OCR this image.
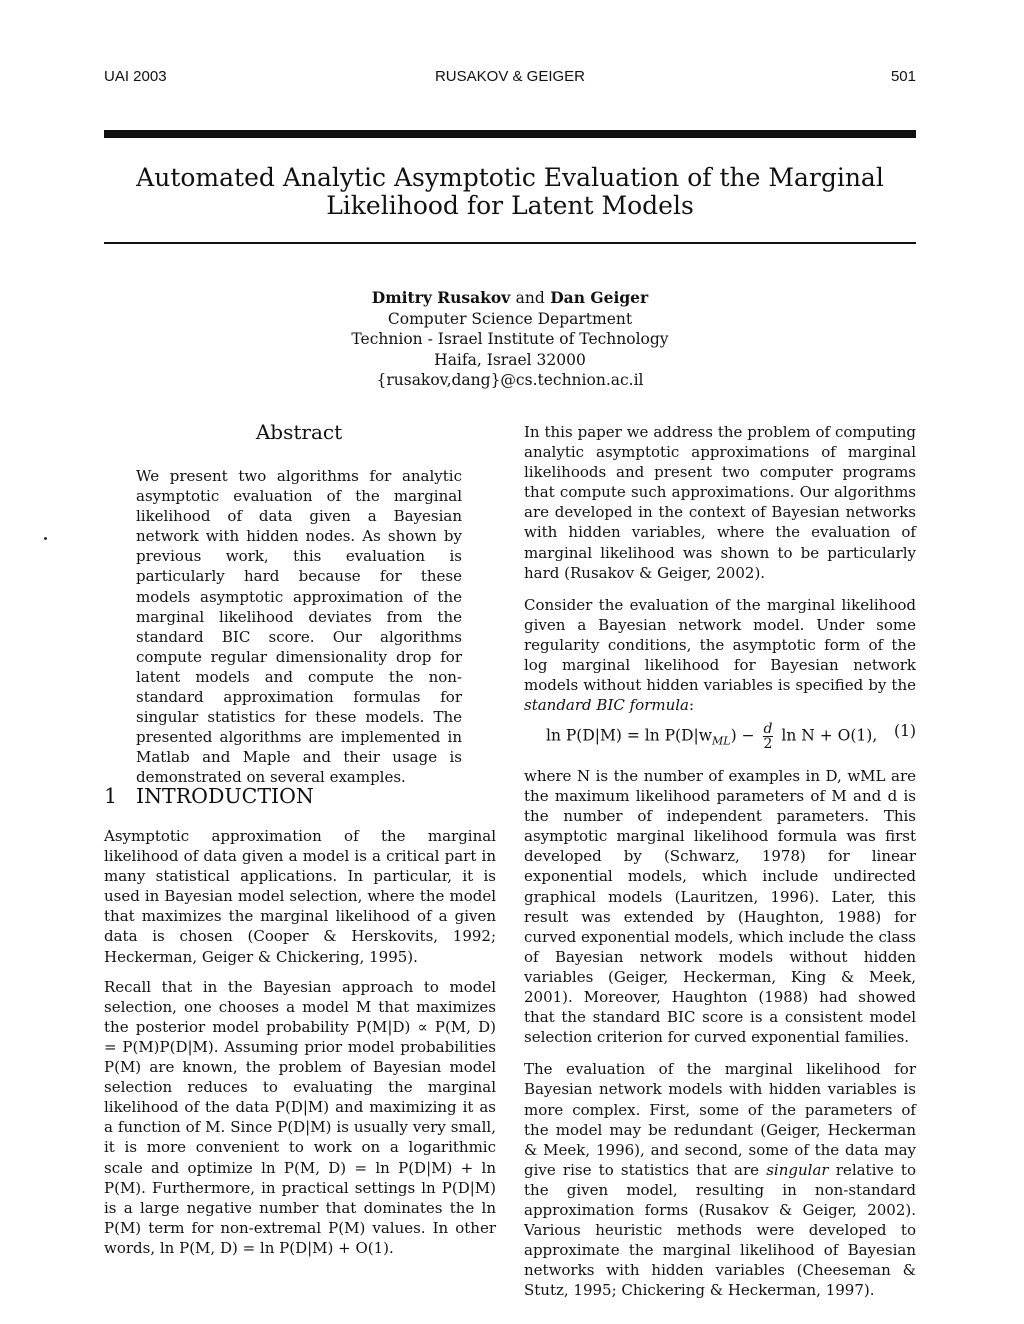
UAI 2003	RUSAKOV & GEIGER	501
Automated Analytic Asymptotic Evaluation of the Marginal
Likelihood for Latent Models
Dmitry Rusakov and Dan Geiger
Computer Science Department
Technion - Israel Institute of Technology
Haifa, Israel 32000
{rusakov,dang}@cs.technion.ac.il
Abstract
We present two algorithms for analytic asymptotic evaluation of the marginal likelihood of data given a Bayesian network with hidden nodes. As shown by previous work, this evaluation is particularly hard because for these models asymptotic approximation of the marginal likelihood deviates from the standard BIC score. Our algorithms compute regular dimensionality drop for latent models and compute the non-standard approximation formulas for singular statistics for these models. The presented algorithms are implemented in Matlab and Maple and their usage is demonstrated on several examples.
1 INTRODUCTION

Asymptotic approximation of the marginal likelihood of data given a model is a critical part in many statistical applications. In particular, it is used in Bayesian model selection, where the model that maximizes the marginal likelihood of a given data is chosen (Cooper & Herskovits, 1992; Heckerman, Geiger & Chickering, 1995).

Recall that in the Bayesian approach to model selection, one chooses a model M that maximizes the posterior model probability P(M|D) ∝ P(M, D) = P(M)P(D|M). Assuming prior model probabilities P(M) are known, the problem of Bayesian model selection reduces to evaluating the marginal likelihood of the data P(D|M) and maximizing it as a function of M. Since P(D|M) is usually very small, it is more convenient to work on a logarithmic scale and optimize ln P(M, D) = ln P(D|M) + ln P(M). Furthermore, in practical settings ln P(D|M) is a large negative number that dominates the ln P(M) term for non-extremal P(M) values. In other words, ln P(M, D) = ln P(D|M) + O(1).

In this paper we address the problem of computing analytic asymptotic approximations of marginal likelihoods and present two computer programs that compute such approximations. Our algorithms are developed in the context of Bayesian networks with hidden variables, where the evaluation of marginal likelihood was shown to be particularly hard (Rusakov & Geiger, 2002).

Consider the evaluation of the marginal likelihood given a Bayesian network model. Under some regularity conditions, the asymptotic form of the log marginal likelihood for Bayesian network models without hidden variables is specified by the standard BIC formula:

$\ln P(D|M) = \ln P(D|w_{ML}) - \frac{d}{2}$ ln N + O(1), (1)

where N is the number of examples in D, wML are the maximum likelihood parameters of M and d is the number of independent parameters. This asymptotic marginal likelihood formula was first developed by (Schwarz, 1978) for linear exponential models, which include undirected graphical models (Lauritzen, 1996). Later, this result was extended by (Haughton, 1988) for curved exponential models, which include the class of Bayesian network models without hidden variables (Geiger, Heckerman, King & Meek, 2001). Moreover, Haughton (1988) had showed that the standard BIC score is a consistent model selection criterion for curved exponential families.

The evaluation of the marginal likelihood for Bayesian network models with hidden variables is more complex. First, some of the parameters of the model may be redundant (Geiger, Heckerman & Meek, 1996), and second, some of the data may give rise to statistics that are singular relative to the given model, resulting in non-standard approximation forms (Rusakov & Geiger, 2002). Various heuristic methods were developed to approximate the marginal likelihood of Bayesian networks with hidden variables (Cheeseman & Stutz, 1995; Chickering & Heckerman, 1997).
